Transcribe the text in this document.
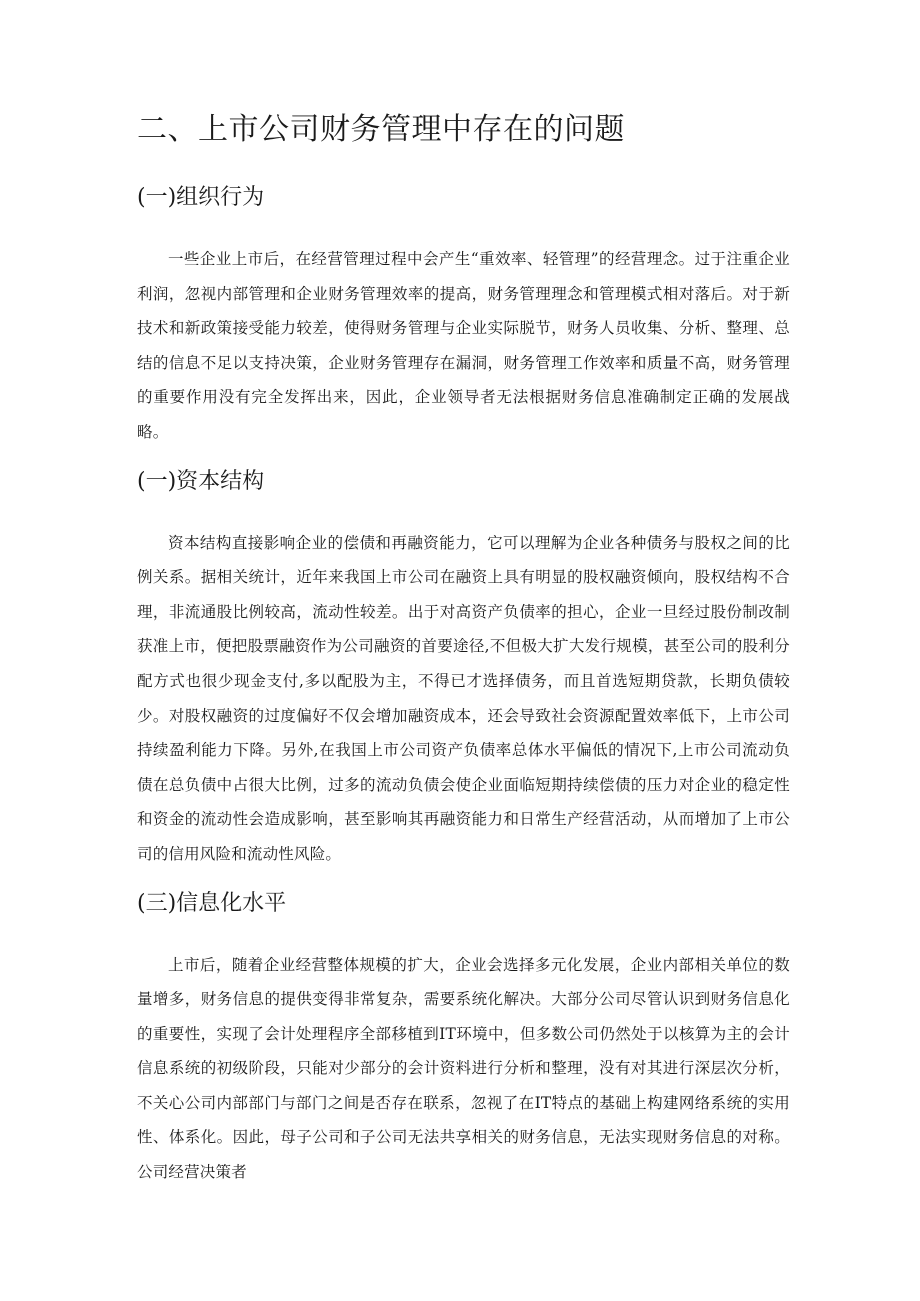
二、上市公司财务管理中存在的问题
(一)组织行为

一些企业上市后，在经营管理过程中会产生“重效率、轻管理”的经营理念。过于注重企业利润，忽视内部管理和企业财务管理效率的提高，财务管理理念和管理模式相对落后。对于新技术和新政策接受能力较差，使得财务管理与企业实际脱节，财务人员收集、分析、整理、总结的信息不足以支持决策，企业财务管理存在漏洞，财务管理工作效率和质量不高，财务管理的重要作用没有完全发挥出来，因此，企业领导者无法根据财务信息准确制定正确的发展战略。

(一)资本结构

资本结构直接影响企业的偿债和再融资能力，它可以理解为企业各种债务与股权之间的比例关系。据相关统计，近年来我国上市公司在融资上具有明显的股权融资倾向，股权结构不合理，非流通股比例较高，流动性较差。出于对高资产负债率的担心，企业一旦经过股份制改制获准上市，便把股票融资作为公司融资的首要途径,不但极大扩大发行规模，甚至公司的股利分配方式也很少现金支付,多以配股为主，不得已才选择债务，而且首选短期贷款，长期负债较少。对股权融资的过度偏好不仅会增加融资成本，还会导致社会资源配置效率低下，上市公司持续盈利能力下降。另外,在我国上市公司资产负债率总体水平偏低的情况下,上市公司流动负债在总负债中占很大比例，过多的流动负债会使企业面临短期持续偿债的压力对企业的稳定性和资金的流动性会造成影响，甚至影响其再融资能力和日常生产经营活动，从而增加了上市公司的信用风险和流动性风险。

(三)信息化水平

上市后，随着企业经营整体规模的扩大，企业会选择多元化发展，企业内部相关单位的数量增多，财务信息的提供变得非常复杂，需要系统化解决。大部分公司尽管认识到财务信息化的重要性，实现了会计处理程序全部移植到IT环境中，但多数公司仍然处于以核算为主的会计信息系统的初级阶段，只能对少部分的会计资料进行分析和整理，没有对其进行深层次分析，不关心公司内部部门与部门之间是否存在联系，忽视了在IT特点的基础上构建网络系统的实用性、体系化。因此，母子公司和子公司无法共享相关的财务信息，无法实现财务信息的对称。公司经营决策者
